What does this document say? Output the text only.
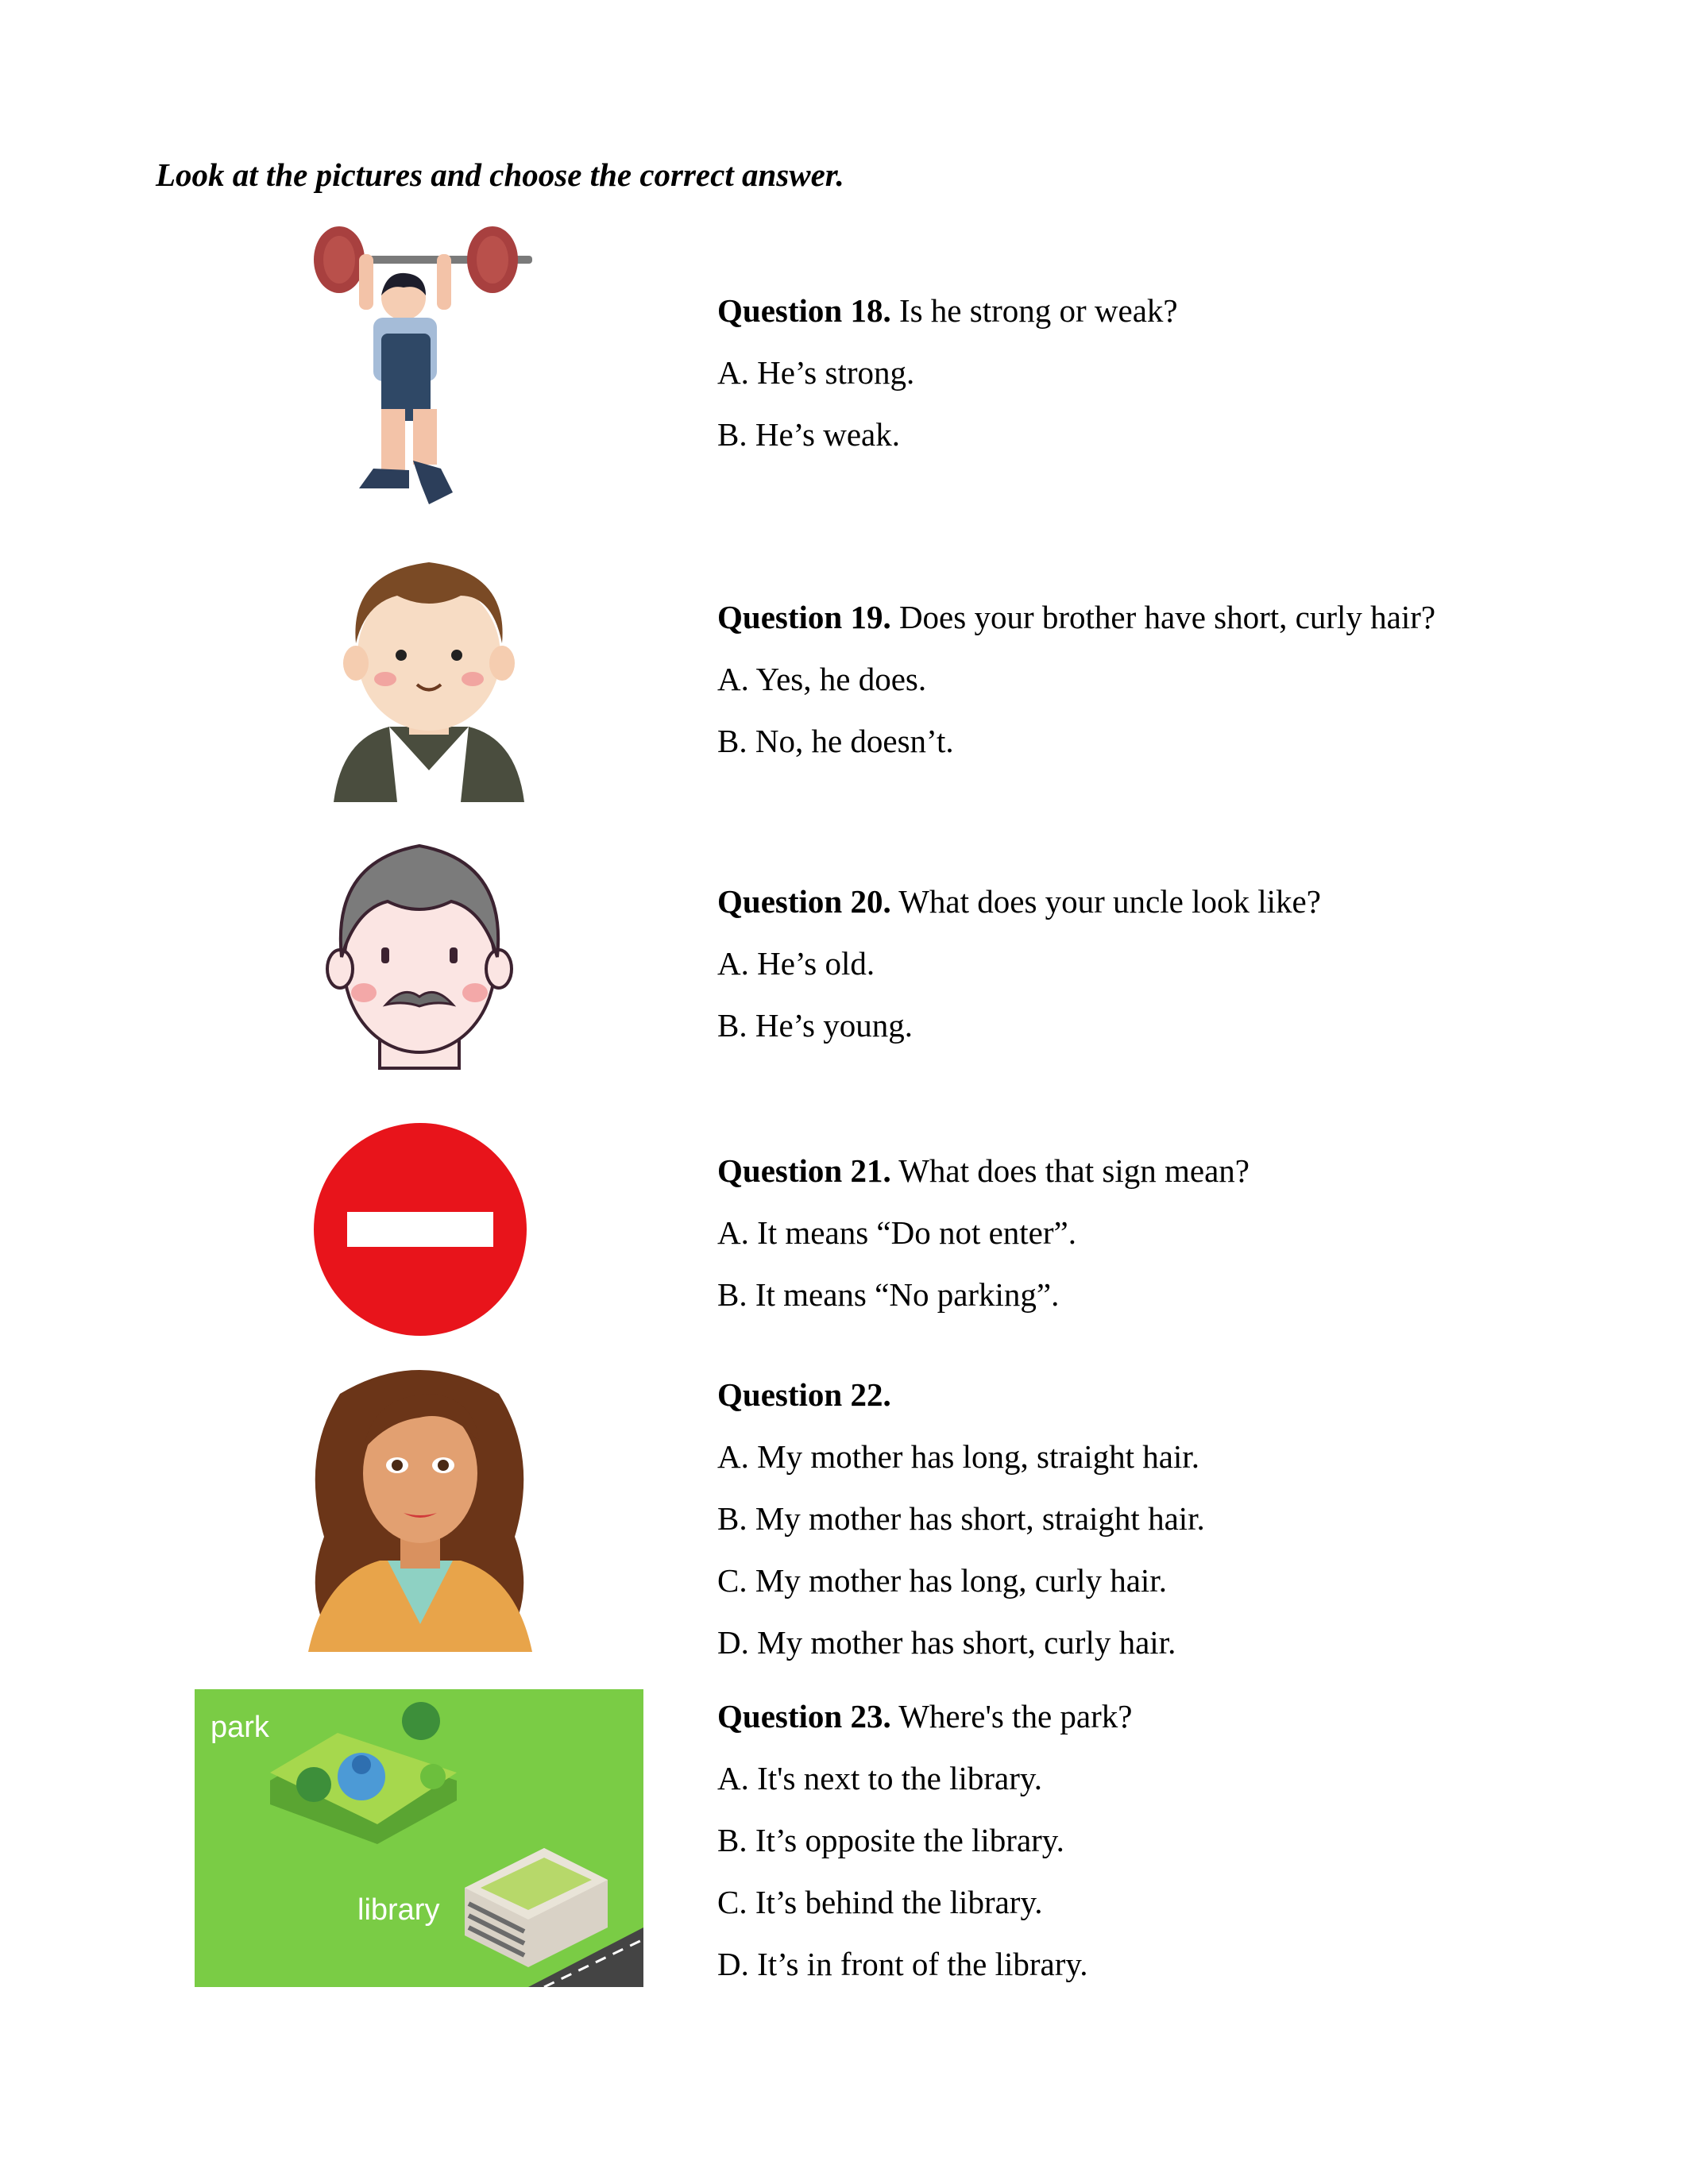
Look at the pictures and choose the correct answer.

park
library
Question 18. Is he strong or weak?
A. He’s strong.
B. He’s weak.
Question 19. Does your brother have short, curly hair?
A. Yes, he does.
B. No, he doesn’t.
Question 20. What does your uncle look like?
A. He’s old.
B. He’s young.
Question 21. What does that sign mean?
A. It means “Do not enter”.
B. It means “No parking”.
Question 22.
A. My mother has long, straight hair.
B. My mother has short, straight hair.
C. My mother has long, curly hair.
D. My mother has short, curly hair.
Question 23. Where's the park?
A. It's next to the library.
B. It’s opposite the library.
C. It’s behind the library.
D. It’s in front of the library.
